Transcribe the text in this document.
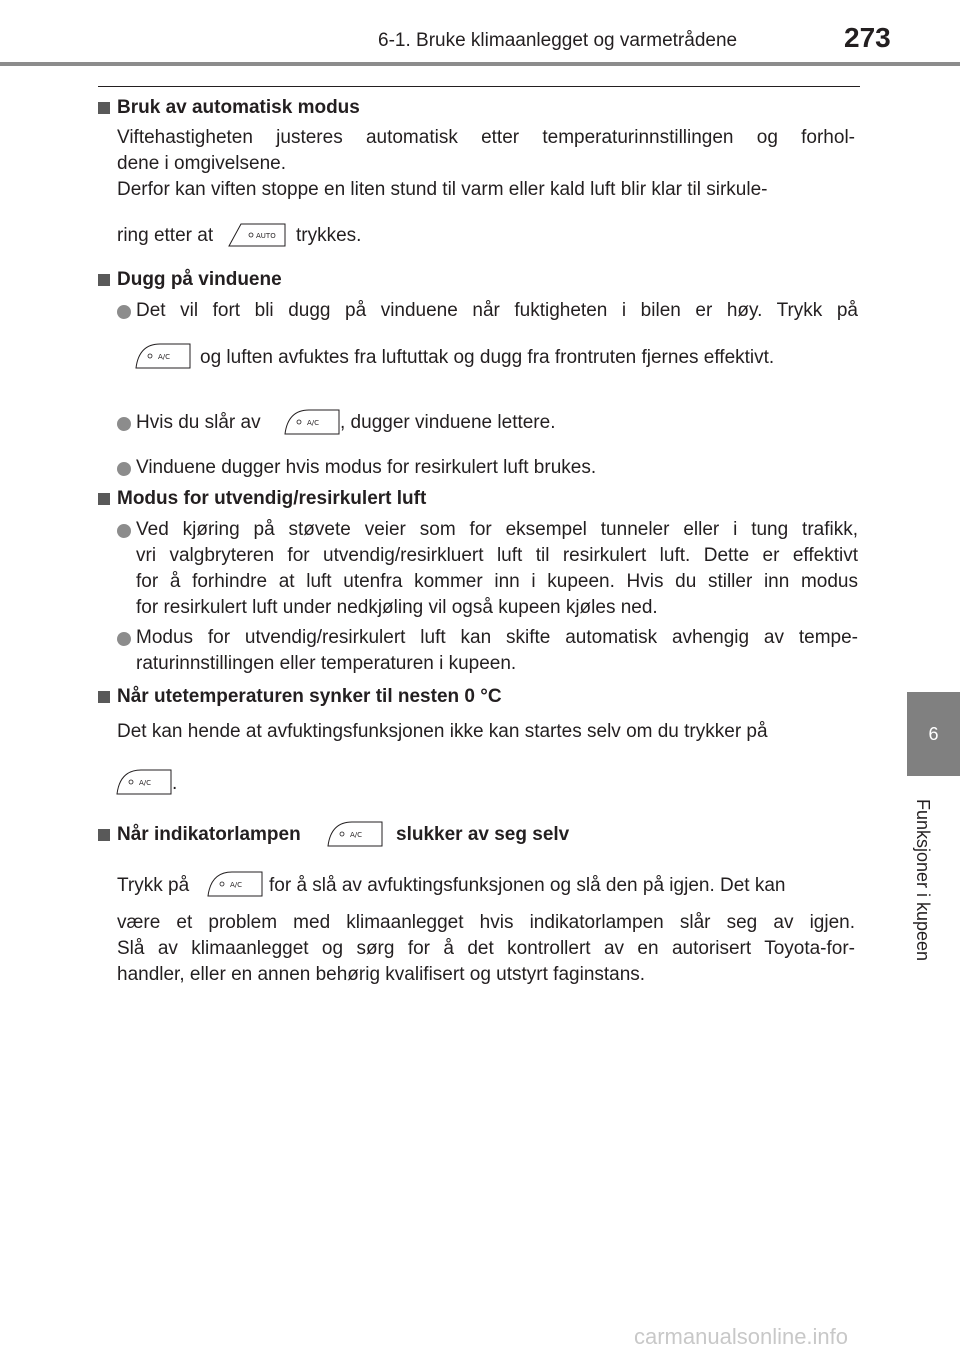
6-1. Bruke klimaanlegget og varmetrådene	273
6
Funksjoner i kupeen
Bruk av automatisk modus
Viftehastigheten justeres automatisk etter temperaturinnstillingen og forhol-
dene i omgivelsene.
Derfor kan viften stoppe en liten stund til varm eller kald luft blir klar til sirkule-
ring etter at	AUTO trykkes.
Dugg på vinduene
Det vil fort bli dugg på vinduene når fuktigheten i bilen er høy. Trykk på
A/C og luften avfuktes fra luftuttak og dugg fra frontruten fjernes effektivt.
Hvis du slår av	A/C , dugger vinduene lettere.
Vinduene dugger hvis modus for resirkulert luft brukes.
Modus for utvendig/resirkulert luft
Ved kjøring på støvete veier som for eksempel tunneler eller i tung trafikk,
vri valgbryteren for utvendig/resirkluert luft til resirkulert luft. Dette er effektivt
for å forhindre at luft utenfra kommer inn i kupeen. Hvis du stiller inn modus
for resirkulert luft under nedkjøling vil også kupeen kjøles ned.
Modus for utvendig/resirkulert luft kan skifte automatisk avhengig av tempe-
raturinnstillingen eller temperaturen i kupeen.
Når utetemperaturen synker til nesten 0 °C
Det kan hende at avfuktingsfunksjonen ikke kan startes selv om du trykker på
A/C .
Når indikatorlampen	A/C slukker av seg selv
Trykk på	A/C for å slå av avfuktingsfunksjonen og slå den på igjen. Det kan
være et problem med klimaanlegget hvis indikatorlampen slår seg av igjen.
Slå av klimaanlegget og sørg for å det kontrollert av en autorisert Toyota-for-
handler, eller en annen behørig kvalifisert og utstyrt faginstans.
carmanualsonline.info
